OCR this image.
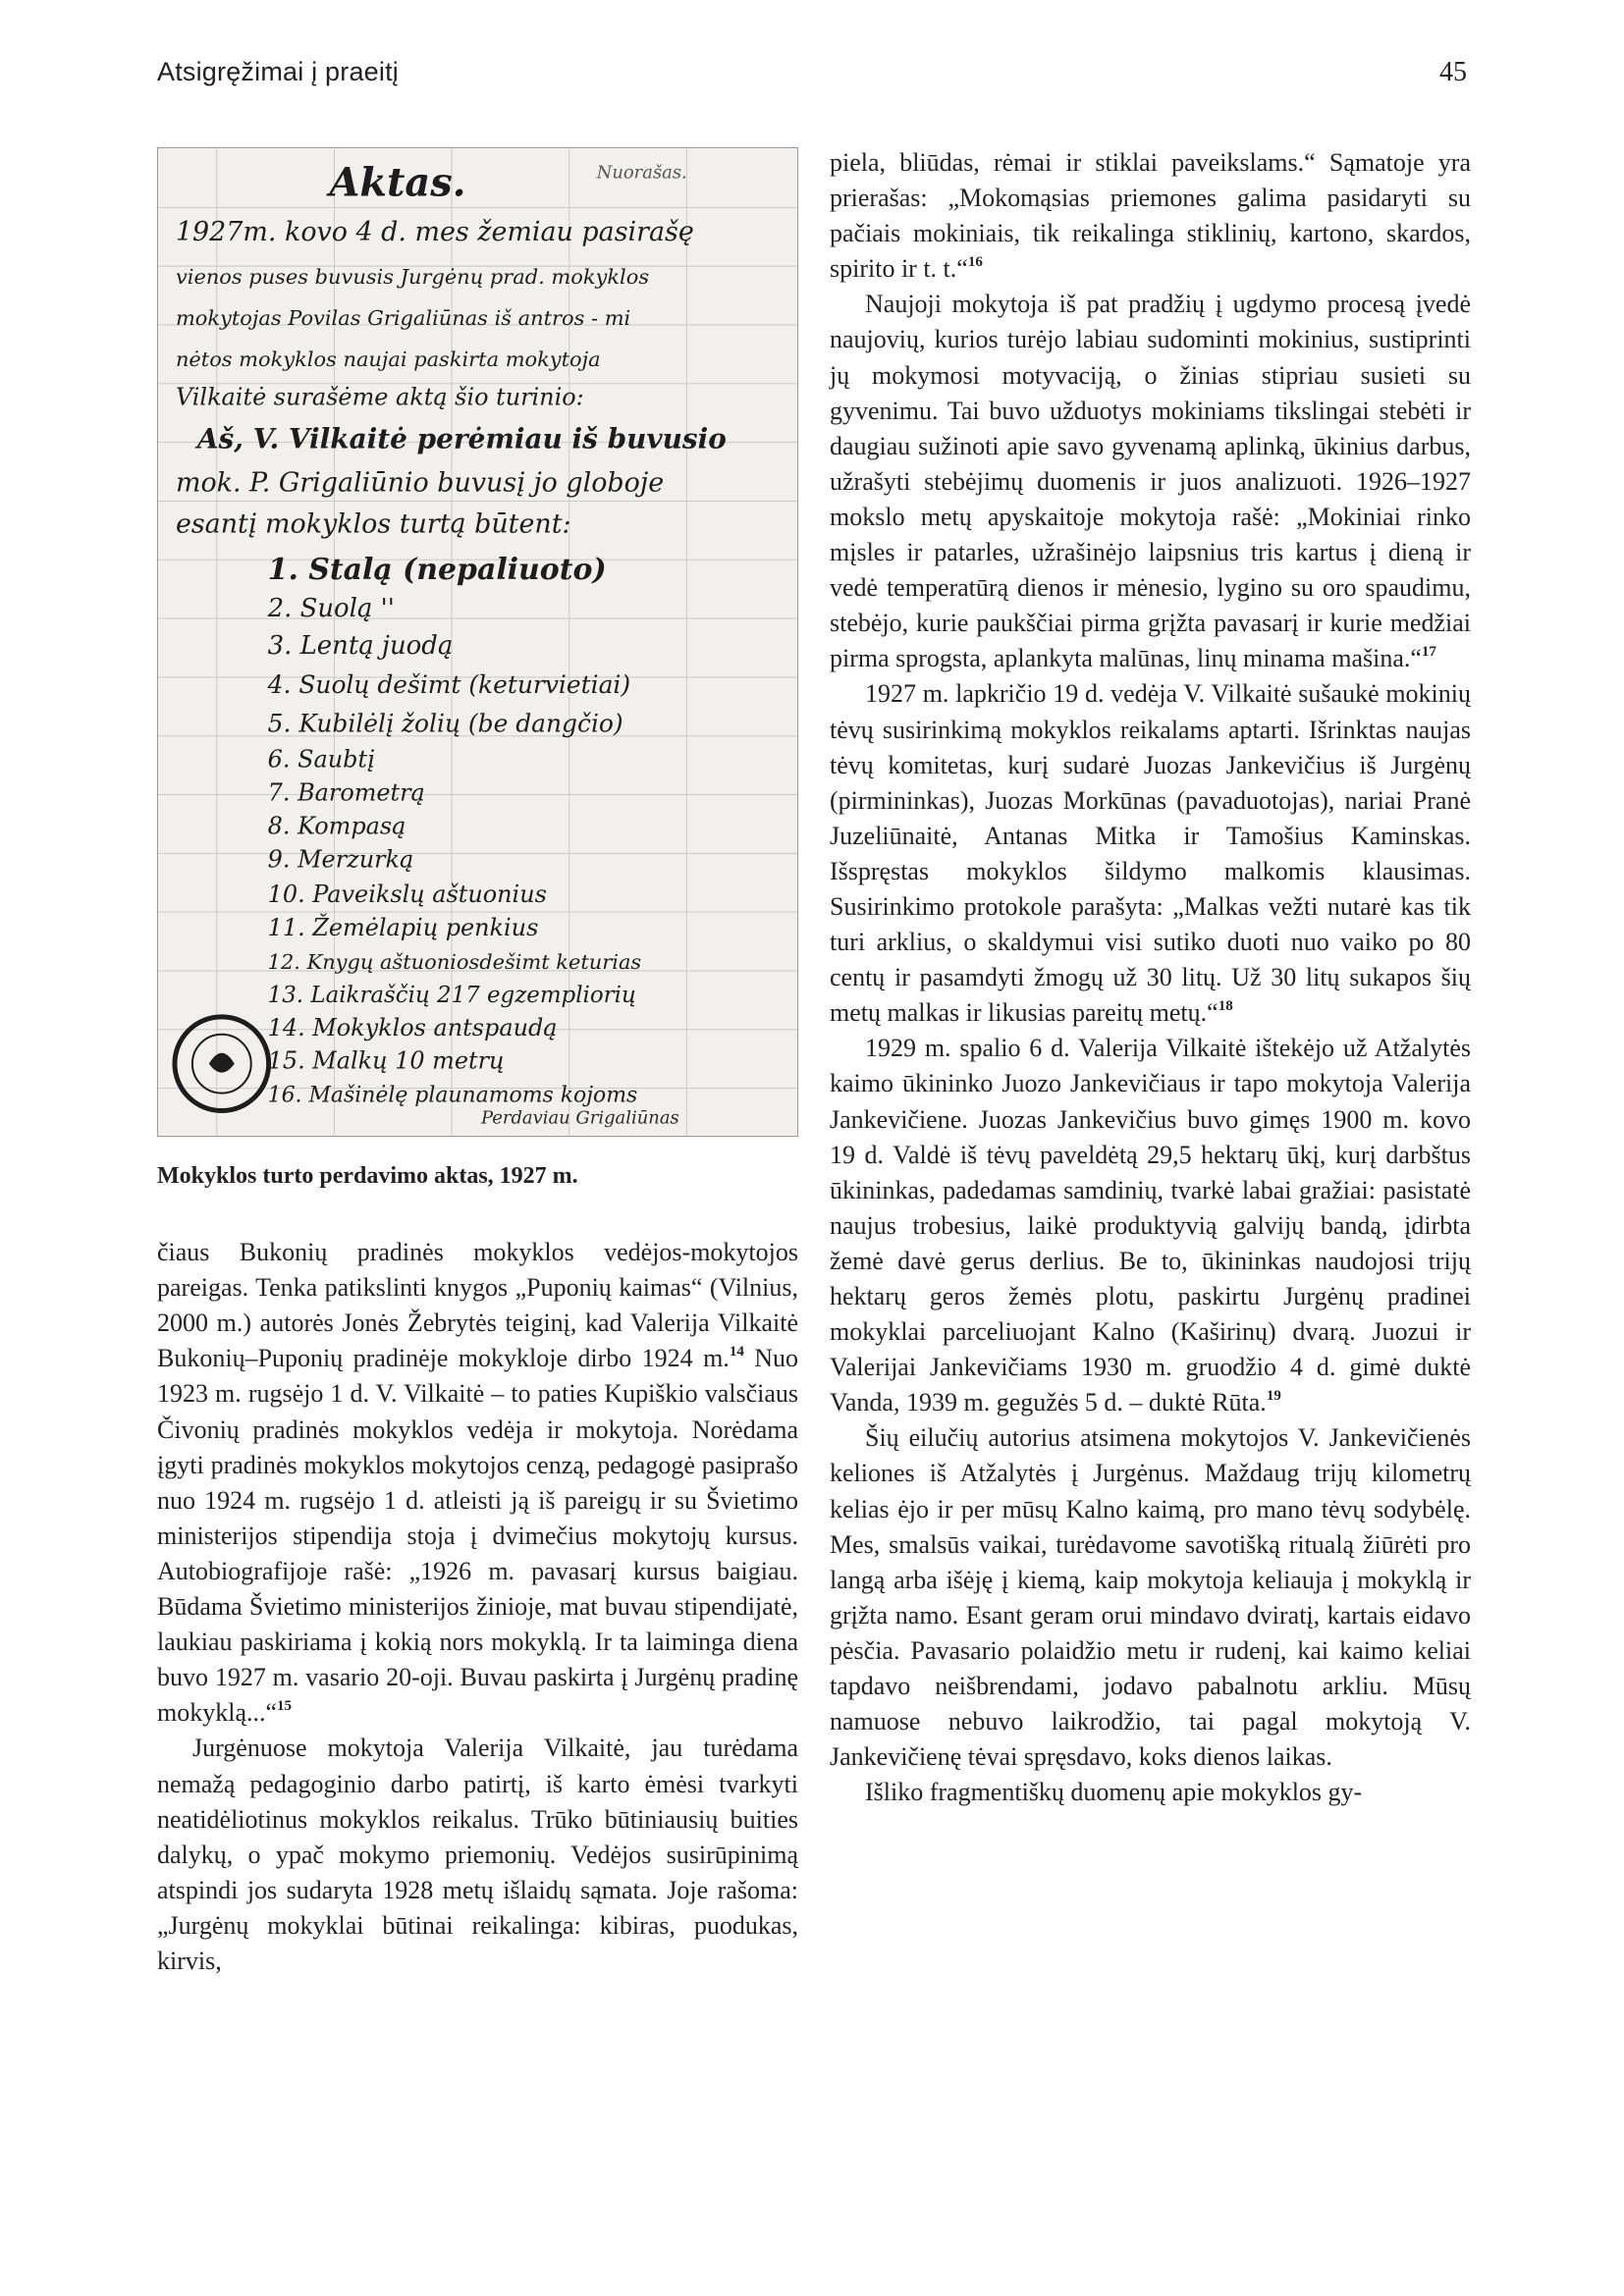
Atsigręžimai į praeitį	45
Aktas.	Nuorašas.
1927m. kovo 4 d. mes žemiau pasirašę
vienos puses buvusis Jurgėnų prad. mokyklos
mokytojas Povilas Grigaliūnas iš antros - mi
nėtos mokyklos naujai paskirta mokytoja
Vilkaitė surašėme aktą šio turinio:
Aš, V. Vilkaitė perėmiau iš buvusio
mok. P. Grigaliūnio buvusį jo globoje
esantį mokyklos turtą būtent:
1. Stalą (nepaliuoto)
2. Suolą ''
3. Lentą juodą
4. Suolų dešimt (keturvietiai)
5. Kubilėlį žolių (be dangčio)
6. Saubtį
7. Barometrą
8. Kompasą
9. Merzurką
10. Paveikslų aštuonius
11. Žemėlapių penkius
12. Knygų aštuoniosdešimt keturias
13. Laikraščių 217 egzempliorių
14. Mokyklos antspaudą
15. Malkų 10 metrų
16. Mašinėlę plaunamoms kojoms
Perdaviau Grigaliūnas
Mokyklos turto perdavimo aktas, 1927 m.

čiaus Bukonių pradinės mokyklos vedėjos-mokytojos pareigas. Tenka patikslinti knygos „Puponių kaimas“ (Vilnius, 2000 m.) autorės Jonės Žebrytės teiginį, kad Valerija Vilkaitė Bukonių–Puponių pradinėje mokykloje dirbo 1924 m.$^{14}$ Nuo 1923 m. rugsėjo 1 d. V. Vilkaitė – to paties Kupiškio valsčiaus Čivonių pradinės mokyklos vedėja ir mokytoja. Norėdama įgyti pradinės mokyklos mokytojos cenzą, pedagogė pasiprašo nuo 1924 m. rugsėjo 1 d. atleisti ją iš pareigų ir su Švietimo ministerijos stipendija stoja į dvimečius mokytojų kursus. Autobiografijoje rašė: „1926 m. pavasarį kursus baigiau. Būdama Švietimo ministerijos žinioje, mat buvau stipendijatė, laukiau paskiriama į kokią nors mokyklą. Ir ta laiminga diena buvo 1927 m. vasario 20-oji. Buvau paskirta į Jurgėnų pradinę mokyklą...“$^{15}$

Jurgėnuose mokytoja Valerija Vilkaitė, jau turėdama nemažą pedagoginio darbo patirtį, iš karto ėmėsi tvarkyti neatidėliotinus mokyklos reikalus. Trūko būtiniausių buities dalykų, o ypač mokymo priemonių. Vedėjos susirūpinimą atspindi jos sudaryta 1928 metų išlaidų sąmata. Joje rašoma: „Jurgėnų mokyklai būtinai reikalinga: kibiras, puodukas, kirvis,

piela, bliūdas, rėmai ir stiklai paveikslams.“ Sąmatoje yra prierašas: „Mokomąsias priemones galima pasidaryti su pačiais mokiniais, tik reikalinga stiklinių, kartono, skardos, spirito ir t. t.“$^{16}$

Naujoji mokytoja iš pat pradžių į ugdymo procesą įvedė naujovių, kurios turėjo labiau sudominti mokinius, sustiprinti jų mokymosi motyvaciją, o žinias stipriau susieti su gyvenimu. Tai buvo užduotys mokiniams tikslingai stebėti ir daugiau sužinoti apie savo gyvenamą aplinką, ūkinius darbus, užrašyti stebėjimų duomenis ir juos analizuoti. 1926–1927 mokslo metų apyskaitoje mokytoja rašė: „Mokiniai rinko mįsles ir patarles, užrašinėjo laipsnius tris kartus į dieną ir vedė temperatūrą dienos ir mėnesio, lygino su oro spaudimu, stebėjo, kurie paukščiai pirma grįžta pavasarį ir kurie medžiai pirma sprogsta, aplankyta malūnas, linų minama mašina.“$^{17}$

1927 m. lapkričio 19 d. vedėja V. Vilkaitė sušaukė mokinių tėvų susirinkimą mokyklos reikalams aptarti. Išrinktas naujas tėvų komitetas, kurį sudarė Juozas Jankevičius iš Jurgėnų (pirmininkas), Juozas Morkūnas (pavaduotojas), nariai Pranė Juzeliūnaitė, Antanas Mitka ir Tamošius Kaminskas. Išspręstas mokyklos šildymo malkomis klausimas. Susirinkimo protokole parašyta: „Malkas vežti nutarė kas tik turi arklius, o skaldymui visi sutiko duoti nuo vaiko po 80 centų ir pasamdyti žmogų už 30 litų. Už 30 litų sukapos šių metų malkas ir likusias pareitų metų.“$^{18}$

1929 m. spalio 6 d. Valerija Vilkaitė ištekėjo už Atžalytės kaimo ūkininko Juozo Jankevičiaus ir tapo mokytoja Valerija Jankevičiene. Juozas Jankevičius buvo gimęs 1900 m. kovo 19 d. Valdė iš tėvų paveldėtą 29,5 hektarų ūkį, kurį darbštus ūkininkas, padedamas samdinių, tvarkė labai gražiai: pasistatė naujus trobesius, laikė produktyvią galvijų bandą, įdirbta žemė davė gerus derlius. Be to, ūkininkas naudojosi trijų hektarų geros žemės plotu, paskirtu Jurgėnų pradinei mokyklai parceliuojant Kalno (Kaširinų) dvarą. Juozui ir Valerijai Jankevičiams 1930 m. gruodžio 4 d. gimė duktė Vanda, 1939 m. gegužės 5 d. – duktė Rūta.$^{19}$

Šių eilučių autorius atsimena mokytojos V. Jankevičienės keliones iš Atžalytės į Jurgėnus. Maždaug trijų kilometrų kelias ėjo ir per mūsų Kalno kaimą, pro mano tėvų sodybėlę. Mes, smalsūs vaikai, turėdavome savotišką ritualą žiūrėti pro langą arba išėję į kiemą, kaip mokytoja keliauja į mokyklą ir grįžta namo. Esant geram orui mindavo dviratį, kartais eidavo pėsčia. Pavasario polaidžio metu ir rudenį, kai kaimo keliai tapdavo neišbrendami, jodavo pabalnotu arkliu. Mūsų namuose nebuvo laikrodžio, tai pagal mokytoją V. Jankevičienę tėvai spręsdavo, koks dienos laikas.

Išliko fragmentiškų duomenų apie mokyklos gy-
